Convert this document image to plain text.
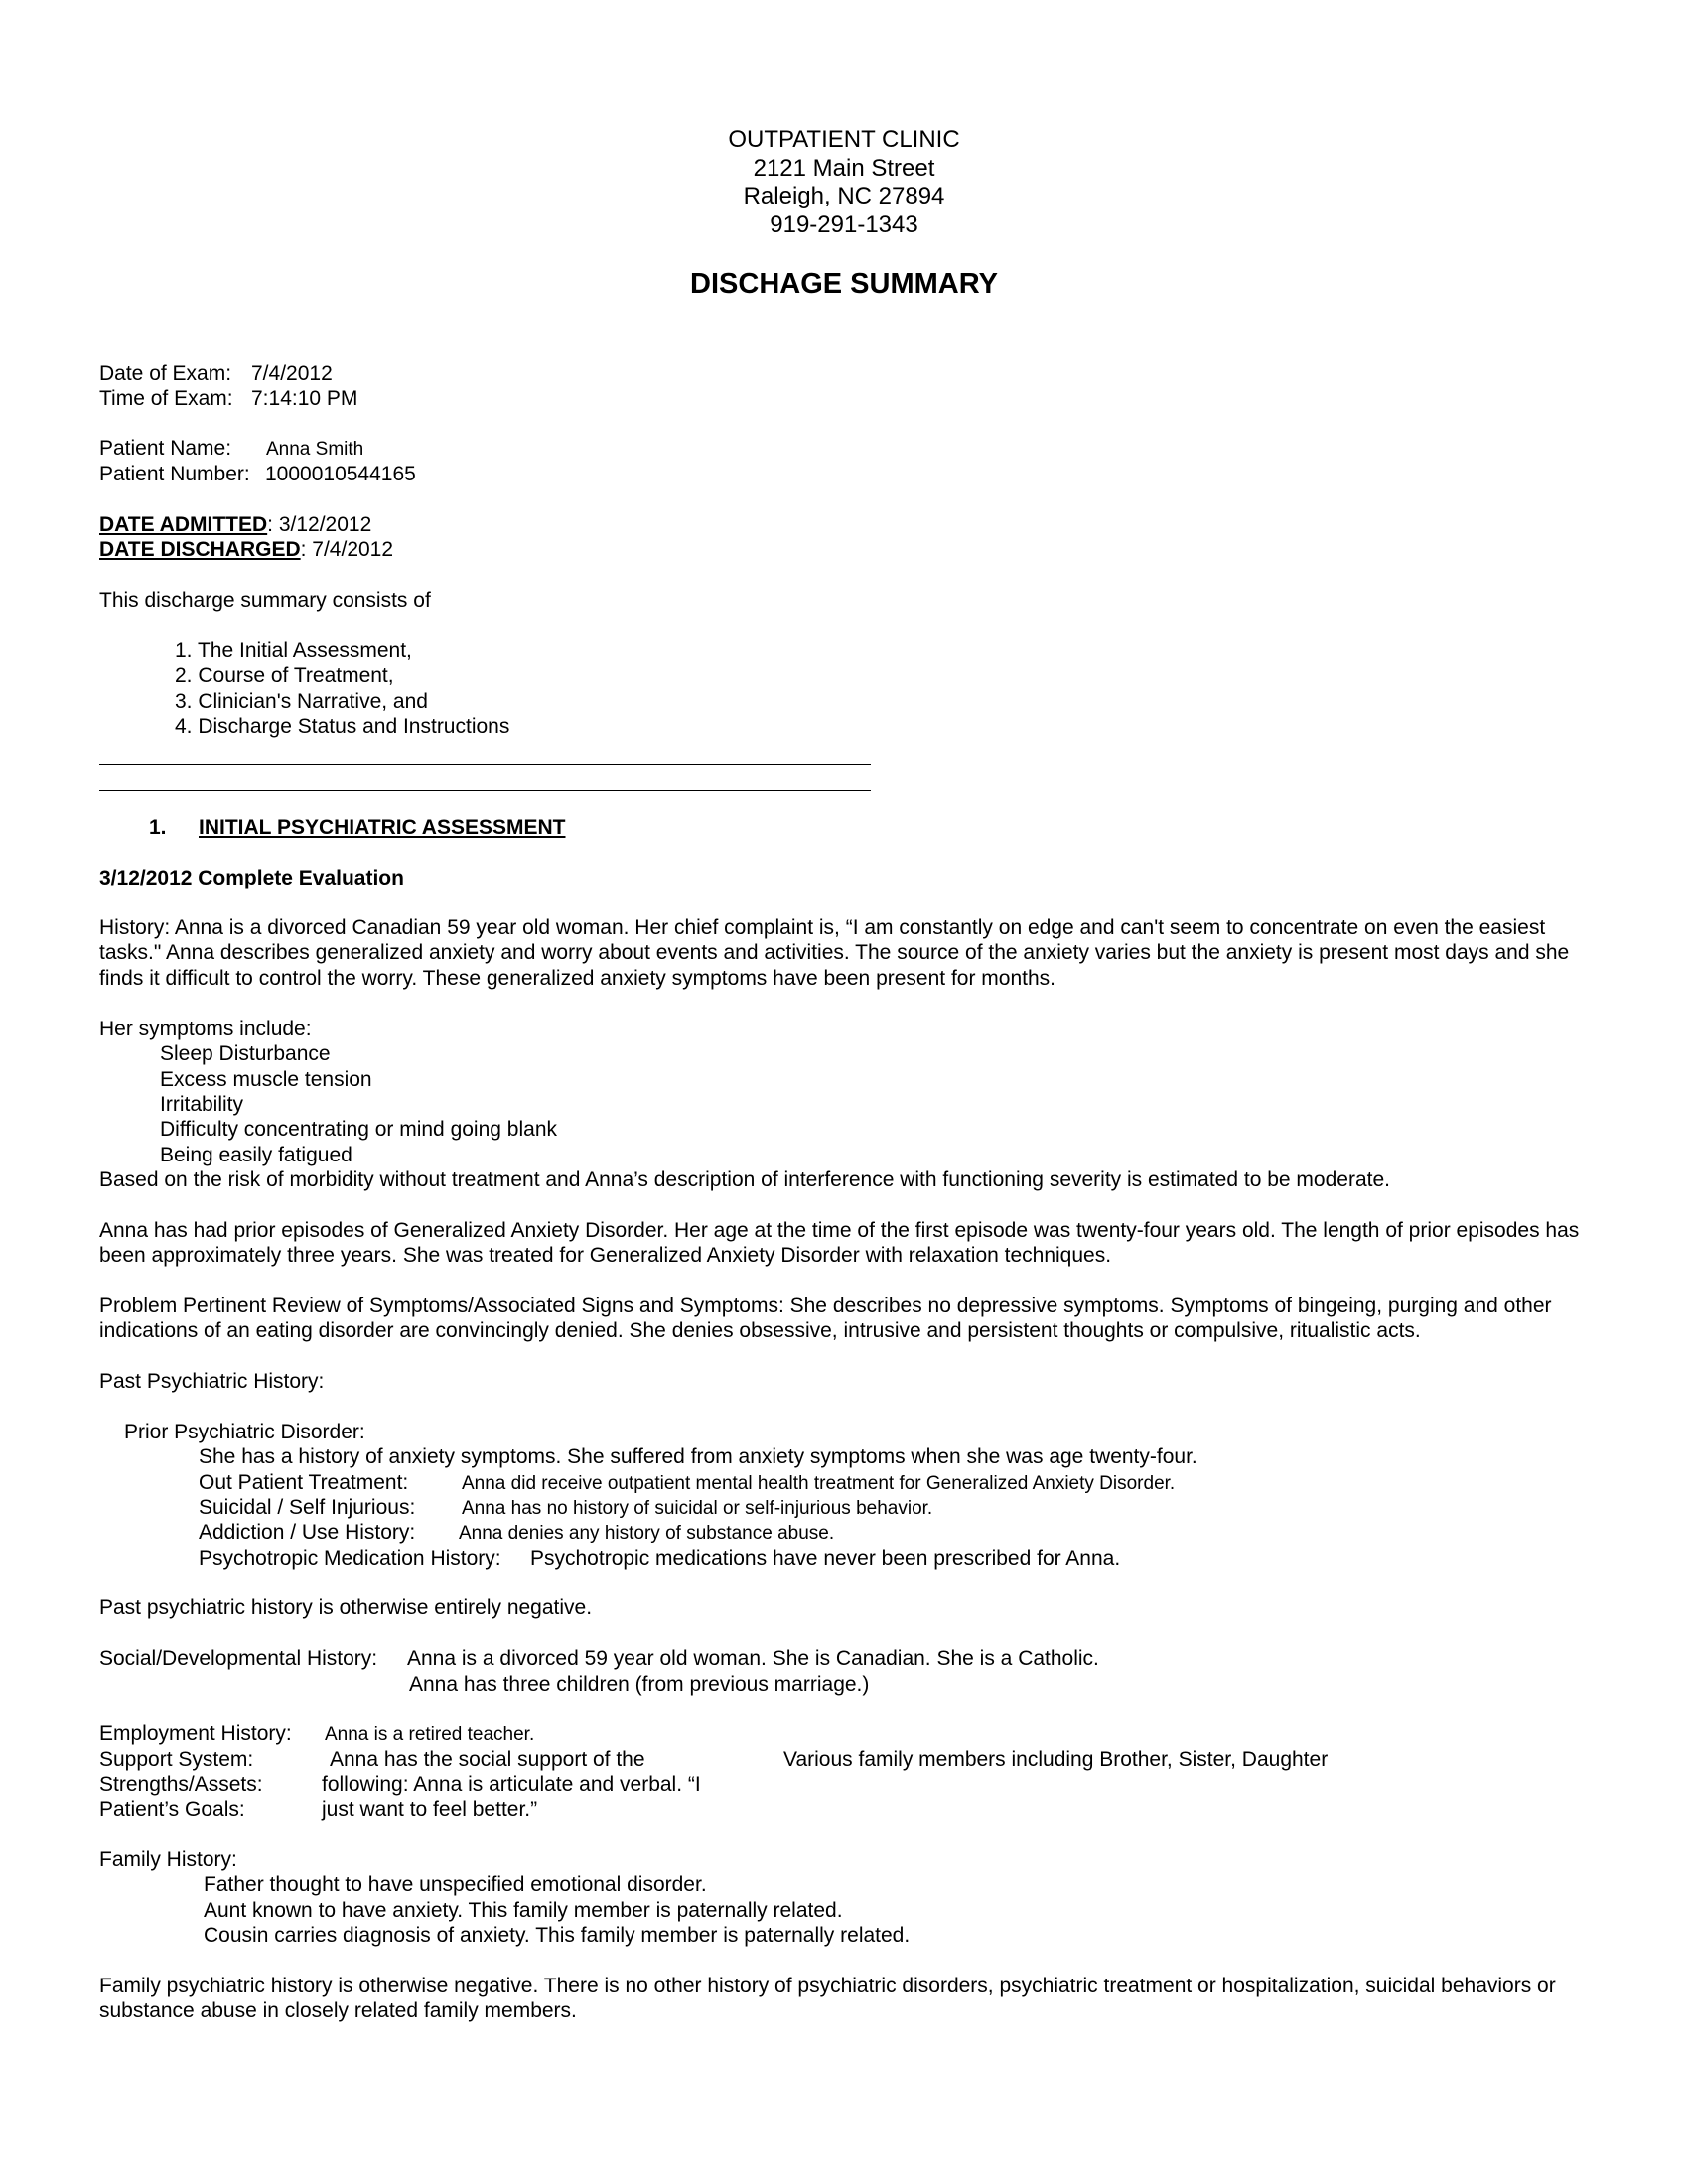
OUTPATIENT CLINIC
2121 Main Street
Raleigh, NC 27894
919-291-1343
DISCHAGE SUMMARY
Date of Exam: 7/4/2012
Time of Exam: 7:14:10 PM
Patient Name: Anna Smith
Patient Number: 1000010544165
DATE ADMITTED: 3/12/2012
DATE DISCHARGED: 7/4/2012
This discharge summary consists of
1. The Initial Assessment,
2. Course of Treatment,
3. Clinician's Narrative, and
4. Discharge Status and Instructions
1. INITIAL PSYCHIATRIC ASSESSMENT
3/12/2012 Complete Evaluation
History: Anna is a divorced Canadian 59 year old woman. Her chief complaint is, “I am constantly on edge and can't seem to concentrate on even the easiest tasks." Anna describes generalized anxiety and worry about events and activities. The source of the anxiety varies but the anxiety is present most days and she finds it difficult to control the worry. These generalized anxiety symptoms have been present for months.
Her symptoms include:
Sleep Disturbance
Excess muscle tension
Irritability
Difficulty concentrating or mind going blank
Being easily fatigued
Based on the risk of morbidity without treatment and Anna’s description of interference with functioning severity is estimated to be moderate.
Anna has had prior episodes of Generalized Anxiety Disorder. Her age at the time of the first episode was twenty-four years old. The length of prior episodes has been approximately three years. She was treated for Generalized Anxiety Disorder with relaxation techniques.
Problem Pertinent Review of Symptoms/Associated Signs and Symptoms: She describes no depressive symptoms. Symptoms of bingeing, purging and other indications of an eating disorder are convincingly denied. She denies obsessive, intrusive and persistent thoughts or compulsive, ritualistic acts.
Past Psychiatric History:
Prior Psychiatric Disorder:
She has a history of anxiety symptoms. She suffered from anxiety symptoms when she was age twenty-four.
Out Patient Treatment:	Anna did receive outpatient mental health treatment for Generalized Anxiety Disorder.
Suicidal / Self Injurious: Anna has no history of suicidal or self-injurious behavior.
Addiction / Use History: Anna denies any history of substance abuse.
Psychotropic Medication History: Psychotropic medications have never been prescribed for Anna.
Past psychiatric history is otherwise entirely negative.
Social/Developmental History: Anna is a divorced 59 year old woman. She is Canadian. She is a Catholic.
Anna has three children (from previous marriage.)
Employment History: Anna is a retired teacher.
Support System:	Anna has the social support of the	Various family members including Brother, Sister, Daughter
Strengths/Assets:	following: Anna is articulate and verbal. “I
Patient’s Goals:	just want to feel better.”
Family History:
Father thought to have unspecified emotional disorder.
Aunt known to have anxiety. This family member is paternally related.
Cousin carries diagnosis of anxiety. This family member is paternally related.
Family psychiatric history is otherwise negative. There is no other history of psychiatric disorders, psychiatric treatment or hospitalization, suicidal behaviors or substance abuse in closely related family members.
